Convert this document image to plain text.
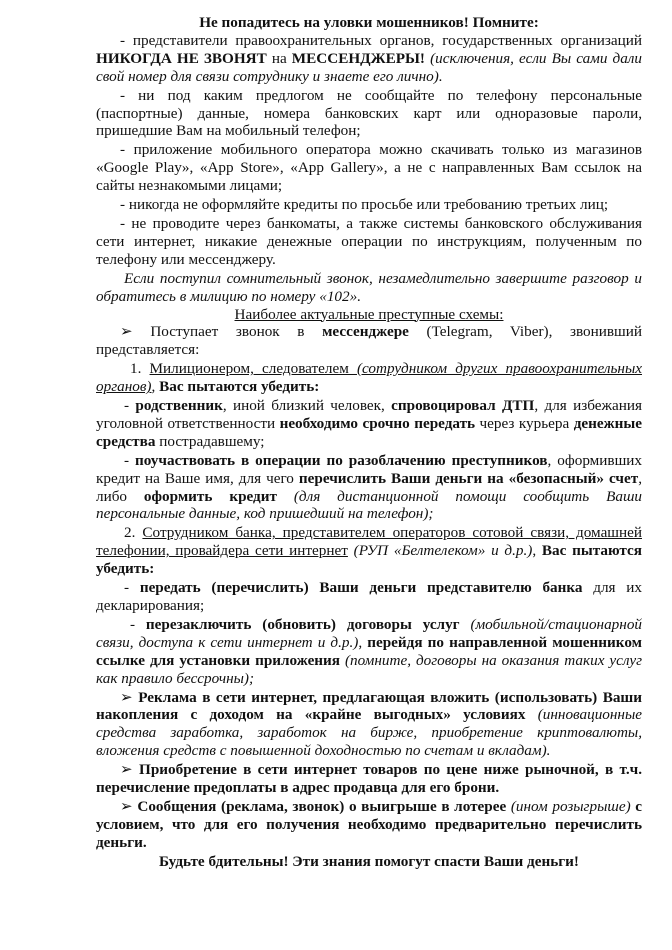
Не попадитесь на уловки мошенников! Помните:

- представители правоохранительных органов, государственных организаций НИКОГДА НЕ ЗВОНЯТ на МЕССЕНДЖЕРЫ! (исключения, если Вы сами дали свой номер для связи сотруднику и знаете его лично).

- ни под каким предлогом не сообщайте по телефону персональные (паспортные) данные, номера банковских карт или одноразовые пароли, пришедшие Вам на мобильный телефон;

- приложение мобильного оператора можно скачивать только из магазинов «Google Play», «App Store», «App Gallery», а не с направленных Вам ссылок на сайты незнакомыми лицами;

- никогда не оформляйте кредиты по просьбе или требованию третьих лиц;

- не проводите через банкоматы, а также системы банковского обслуживания сети интернет, никакие денежные операции по инструкциям, полученным по телефону или мессенджеру.

Если поступил сомнительный звонок, незамедлительно завершите разговор и обратитесь в милицию по номеру «102».

Наиболее актуальные преступные схемы:

➢ Поступает звонок в мессенджере (Telegram, Viber), звонивший представляется:

1. Милиционером, следователем (сотрудником других правоохранительных органов), Вас пытаются убедить:

- родственник, иной близкий человек, спровоцировал ДТП, для избежания уголовной ответственности необходимо срочно передать через курьера денежные средства пострадавшему;

- поучаствовать в операции по разоблачению преступников, оформивших кредит на Ваше имя, для чего перечислить Ваши деньги на «безопасный» счет, либо оформить кредит (для дистанционной помощи сообщить Ваши персональные данные, код пришедший на телефон);

2. Сотрудником банка, представителем операторов сотовой связи, домашней телефонии, провайдера сети интернет (РУП «Белтелеком» и д.р.), Вас пытаются убедить:

- передать (перечислить) Ваши деньги представителю банка для их декларирования;

- перезаключить (обновить) договоры услуг (мобильной/стационарной связи, доступа к сети интернет и д.р.), перейдя по направленной мошенником ссылке для установки приложения (помните, договоры на оказания таких услуг как правило бессрочны);

➢ Реклама в сети интернет, предлагающая вложить (использовать) Ваши накопления с доходом на «крайне выгодных» условиях (инновационные средства заработка, заработок на бирже, приобретение криптовалюты, вложения средств с повышенной доходностью по счетам и вкладам).

➢ Приобретение в сети интернет товаров по цене ниже рыночной, в т.ч. перечисление предоплаты в адрес продавца для его брони.

➢ Сообщения (реклама, звонок) о выигрыше в лотерее (ином розыгрыше) с условием, что для его получения необходимо предварительно перечислить деньги.

Будьте бдительны! Эти знания помогут спасти Ваши деньги!
